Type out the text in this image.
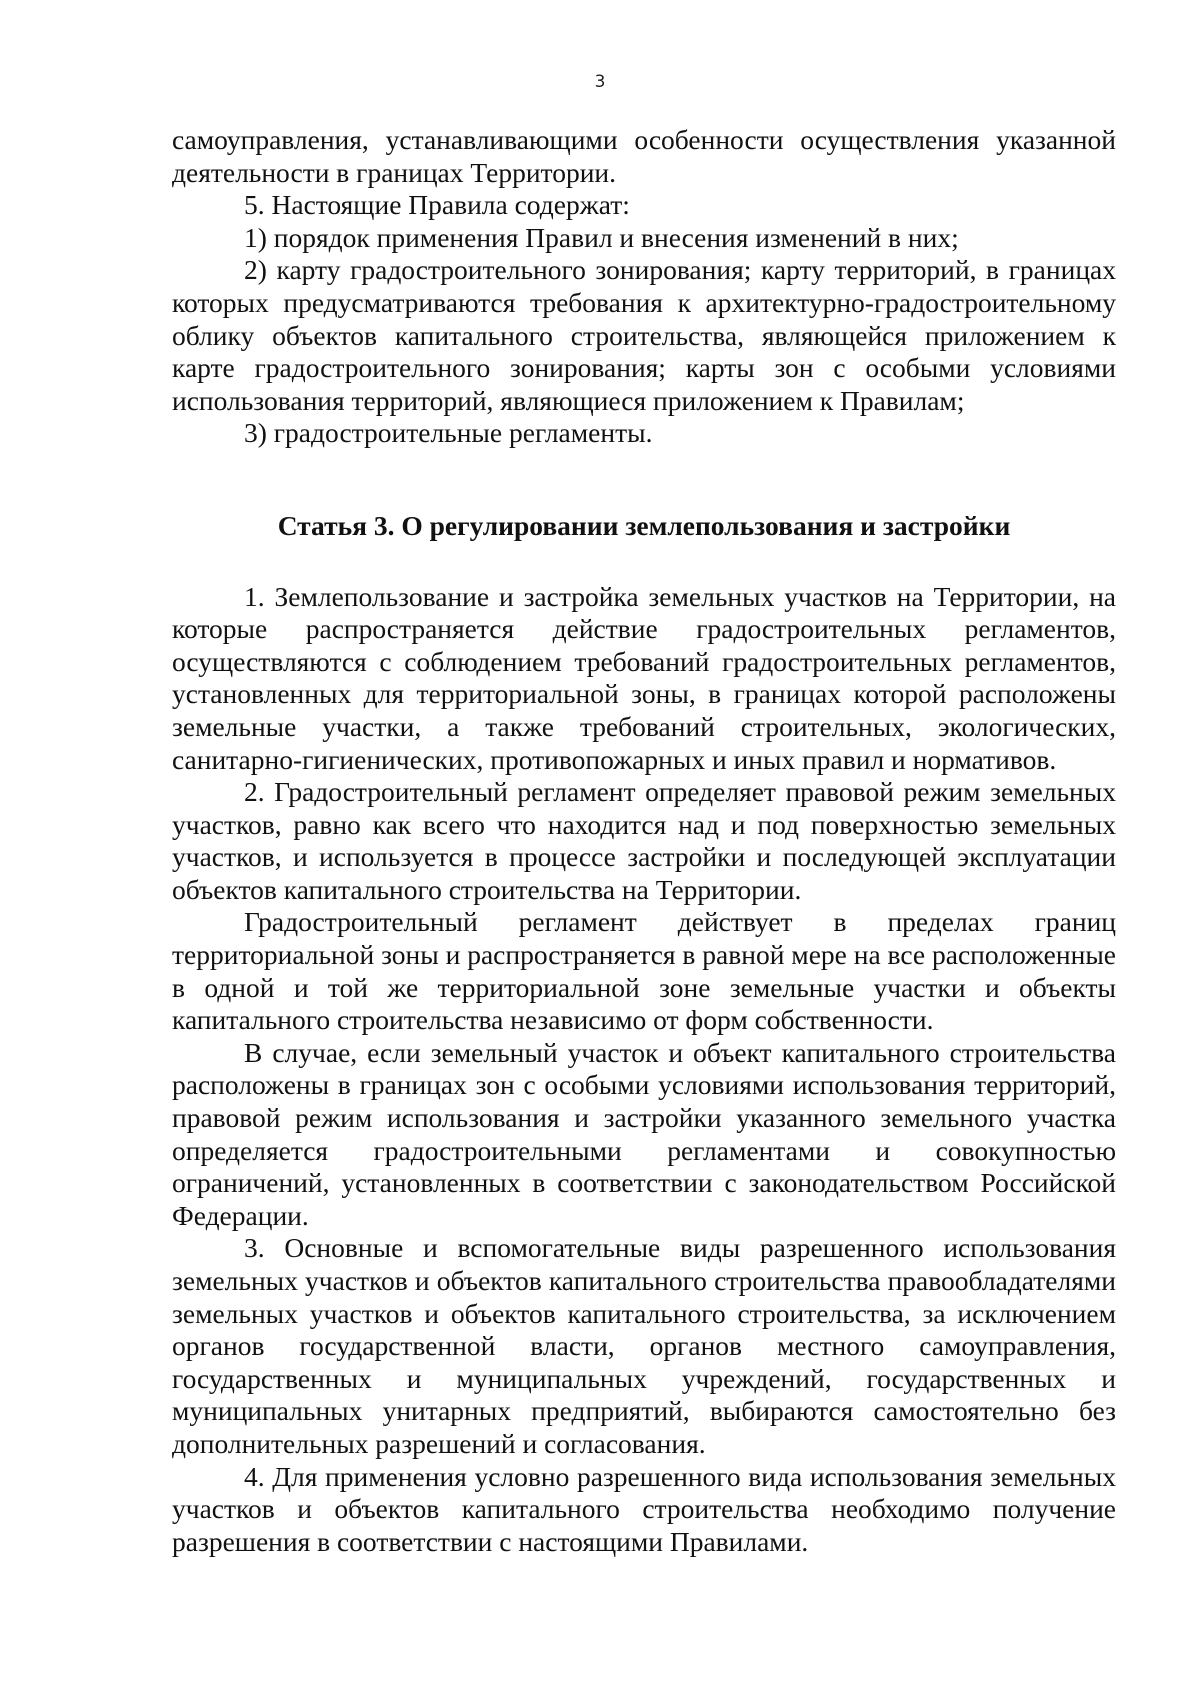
3

самоуправления, устанавливающими особенности осуществления указанной деятельности в границах Территории.

5. Настоящие Правила содержат:

1) порядок применения Правил и внесения изменений в них;

2) карту градостроительного зонирования; карту территорий, в границах которых предусматриваются требования к архитектурно-градостроительному облику объектов капитального строительства, являющейся приложением к карте градостроительного зонирования; карты зон с особыми условиями использования территорий, являющиеся приложением к Правилам;

3) градостроительные регламенты.

Статья 3. О регулировании землепользования и застройки

1. Землепользование и застройка земельных участков на Территории, на которые распространяется действие градостроительных регламентов, осуществляются с соблюдением требований градостроительных регламентов, установленных для территориальной зоны, в границах которой расположены земельные участки, а также требований строительных, экологических, санитарно-гигиенических, противопожарных и иных правил и нормативов.

2. Градостроительный регламент определяет правовой режим земельных участков, равно как всего что находится над и под поверхностью земельных участков, и используется в процессе застройки и последующей эксплуатации объектов капитального строительства на Территории.

Градостроительный регламент действует в пределах границ территориальной зоны и распространяется в равной мере на все расположенные в одной и той же территориальной зоне земельные участки и объекты капитального строительства независимо от форм собственности.

В случае, если земельный участок и объект капитального строительства расположены в границах зон с особыми условиями использования территорий, правовой режим использования и застройки указанного земельного участка определяется градостроительными регламентами и совокупностью ограничений, установленных в соответствии с законодательством Российской Федерации.

3. Основные и вспомогательные виды разрешенного использования земельных участков и объектов капитального строительства правообладателями земельных участков и объектов капитального строительства, за исключением органов государственной власти, органов местного самоуправления, государственных и муниципальных учреждений, государственных и муниципальных унитарных предприятий, выбираются самостоятельно без дополнительных разрешений и согласования.

4. Для применения условно разрешенного вида использования земельных участков и объектов капитального строительства необходимо получение разрешения в соответствии с настоящими Правилами.
